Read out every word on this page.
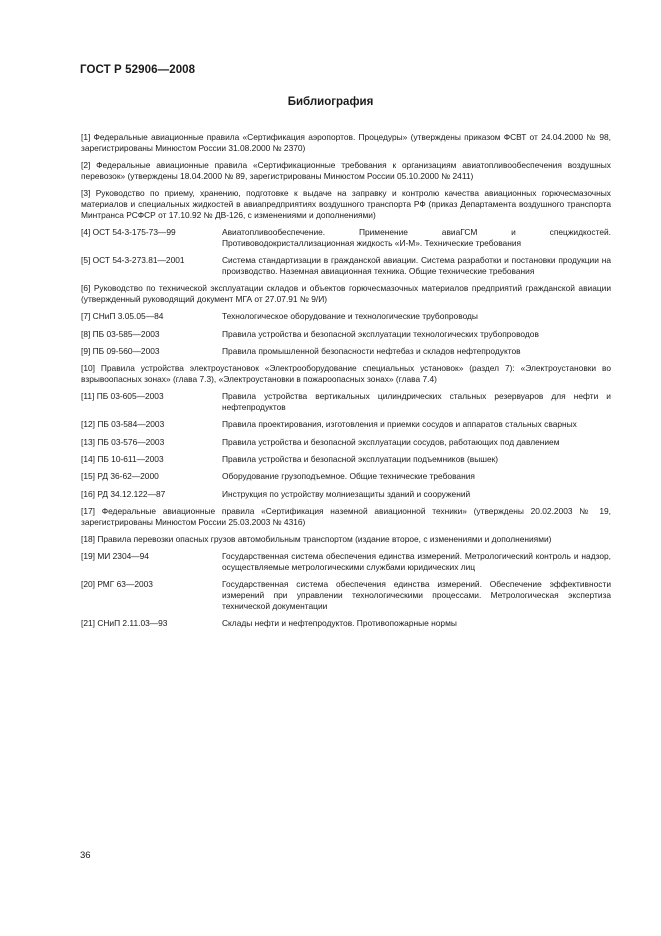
ГОСТ Р 52906—2008
Библиография
[1] Федеральные авиационные правила «Сертификация аэропортов. Процедуры» (утверждены приказом ФСВТ от 24.04.2000 № 98, зарегистрированы Минюстом России 31.08.2000 № 2370)
[2] Федеральные авиационные правила «Сертификационные требования к организациям авиатопливообеспечения воздушных перевозок» (утверждены 18.04.2000 № 89, зарегистрированы Минюстом России 05.10.2000 № 2411)
[3] Руководство по приему, хранению, подготовке к выдаче на заправку и контролю качества авиационных горючесмазочных материалов и специальных жидкостей в авиапредприятиях воздушного транспорта РФ (приказ Департамента воздушного транспорта Минтранса РСФСР от 17.10.92 № ДВ-126, с изменениями и дополнениями)
[4] ОСТ 54-3-175-73—99	Авиатопливообеспечение. Применение авиаГСМ и спецжидкостей. Противоводокристаллизационная жидкость «И-М». Технические требования
[5] ОСТ 54-3-273.81—2001	Система стандартизации в гражданской авиации. Система разработки и постановки продукции на производство. Наземная авиационная техника. Общие технические требования
[6] Руководство по технической эксплуатации складов и объектов горючесмазочных материалов предприятий гражданской авиации (утвержденный руководящий документ МГА от 27.07.91 № 9/И)
[7] СНиП 3.05.05—84	Технологическое оборудование и технологические трубопроводы
[8] ПБ 03-585—2003	Правила устройства и безопасной эксплуатации технологических трубопроводов
[9] ПБ 09-560—2003	Правила промышленной безопасности нефтебаз и складов нефтепродуктов
[10] Правила устройства электроустановок «Электрооборудование специальных установок» (раздел 7): «Электроустановки во взрывоопасных зонах» (глава 7.3), «Электроустановки в пожароопасных зонах» (глава 7.4)
[11] ПБ 03-605—2003	Правила устройства вертикальных цилиндрических стальных резервуаров для нефти и нефтепродуктов
[12] ПБ 03-584—2003	Правила проектирования, изготовления и приемки сосудов и аппаратов стальных сварных
[13] ПБ 03-576—2003	Правила устройства и безопасной эксплуатации сосудов, работающих под давлением
[14] ПБ 10-611—2003	Правила устройства и безопасной эксплуатации подъемников (вышек)
[15] РД 36-62—2000	Оборудование грузоподъемное. Общие технические требования
[16] РД 34.12.122—87	Инструкция по устройству молниезащиты зданий и сооружений
[17] Федеральные авиационные правила «Сертификация наземной авиационной техники» (утверждены 20.02.2003 № 19, зарегистрированы Минюстом России 25.03.2003 № 4316)
[18] Правила перевозки опасных грузов автомобильным транспортом (издание второе, с изменениями и дополнениями)
[19] МИ 2304—94	Государственная система обеспечения единства измерений. Метрологический контроль и надзор, осуществляемые метрологическими службами юридических лиц
[20] РМГ 63—2003	Государственная система обеспечения единства измерений. Обеспечение эффективности измерений при управлении технологическими процессами. Метрологическая экспертиза технической документации
[21] СНиП 2.11.03—93	Склады нефти и нефтепродуктов. Противопожарные нормы
36
